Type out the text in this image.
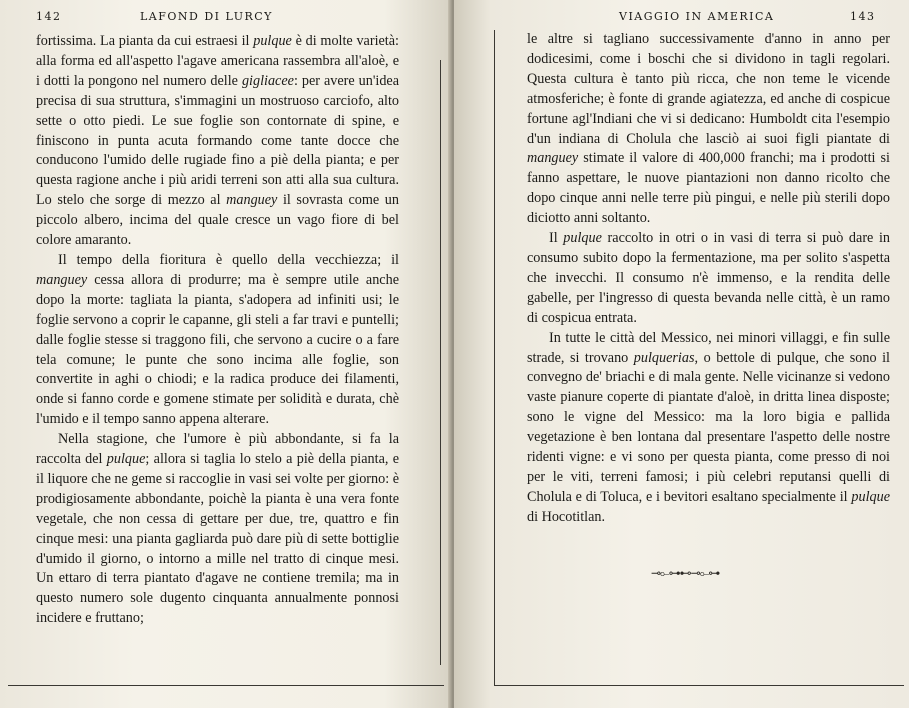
142	LAFOND DI LURCY

fortissima. La pianta da cui estraesi il pulque è di molte varietà: alla forma ed all'aspetto l'agave americana rassembra all'aloè, e i dotti la pongono nel numero delle gigliacee: per avere un'idea precisa di sua struttura, s'immagini un mostruoso carciofo, alto sette o otto piedi. Le sue foglie son contornate di spine, e finiscono in punta acuta formando come tante docce che conducono l'umido delle rugiade fino a piè della pianta; e per questa ragione anche i più aridi terreni son atti alla sua cultura. Lo stelo che sorge di mezzo al manguey il sovrasta come un piccolo albero, incima del quale cresce un vago fiore di bel colore amaranto.

Il tempo della fioritura è quello della vecchiezza; il manguey cessa allora di produrre; ma è sempre utile anche dopo la morte: tagliata la pianta, s'adopera ad infiniti usi; le foglie servono a coprir le capanne, gli steli a far travi e puntelli; dalle foglie stesse si traggono fili, che servono a cucire o a fare tela comune; le punte che sono incima alle foglie, son convertite in aghi o chiodi; e la radica produce dei filamenti, onde si fanno corde e gomene stimate per solidità e durata, chè l'umido e il tempo sanno appena alterare.

Nella stagione, che l'umore è più abbondante, si fa la raccolta del pulque; allora si taglia lo stelo a piè della pianta, e il liquore che ne geme si raccoglie in vasi sei volte per giorno: è prodigiosamente abbondante, poichè la pianta è una vera fonte vegetale, che non cessa di gettare per due, tre, quattro e fin cinque mesi: una pianta gagliarda può dare più di sette bottiglie d'umido il giorno, o intorno a mille nel tratto di cinque mesi. Un ettaro di terra piantato d'agave ne contiene tremila; ma in questo numero sole dugento cinquanta annualmente ponnosi incidere e fruttano;

VIAGGIO IN AMERICA	143

le altre si tagliano successivamente d'anno in anno per dodicesimi, come i boschi che si dividono in tagli regolari. Questa cultura è tanto più ricca, che non teme le vicende atmosferiche; è fonte di grande agiatezza, ed anche di cospicue fortune agl'Indiani che vi si dedicano: Humboldt cita l'esempio d'un indiana di Cholula che lasciò ai suoi figli piantate di manguey stimate il valore di 400,000 franchi; ma i prodotti si fanno aspettare, le nuove piantazioni non danno ricolto che dopo cinque anni nelle terre più pingui, e nelle più sterili dopo diciotto anni soltanto.

Il pulque raccolto in otri o in vasi di terra si può dare in consumo subito dopo la fermentazione, ma per solito s'aspetta che invecchi. Il consumo n'è immenso, e la rendita delle gabelle, per l'ingresso di questa bevanda nelle città, è un ramo di cospicua entrata.

In tutte le città del Messico, nei minori villaggi, e fin sulle strade, si trovano pulquerias, o bettole di pulque, che sono il convegno de' briachi e di mala gente. Nelle vicinanze si vedono vaste pianure coperte di piantate d'aloè, in dritta linea disposte; sono le vigne del Messico: ma la loro bigia e pallida vegetazione è ben lontana dal presentare l'aspetto delle nostre ridenti vigne: e vi sono per questa pianta, come presso di noi per le viti, terreni famosi; i più celebri reputansi quelli di Cholula e di Toluca, e i bevitori esaltano specialmente il pulque di Hocotitlan.

⊸⟜⊶⊷⊸⟜⊶
